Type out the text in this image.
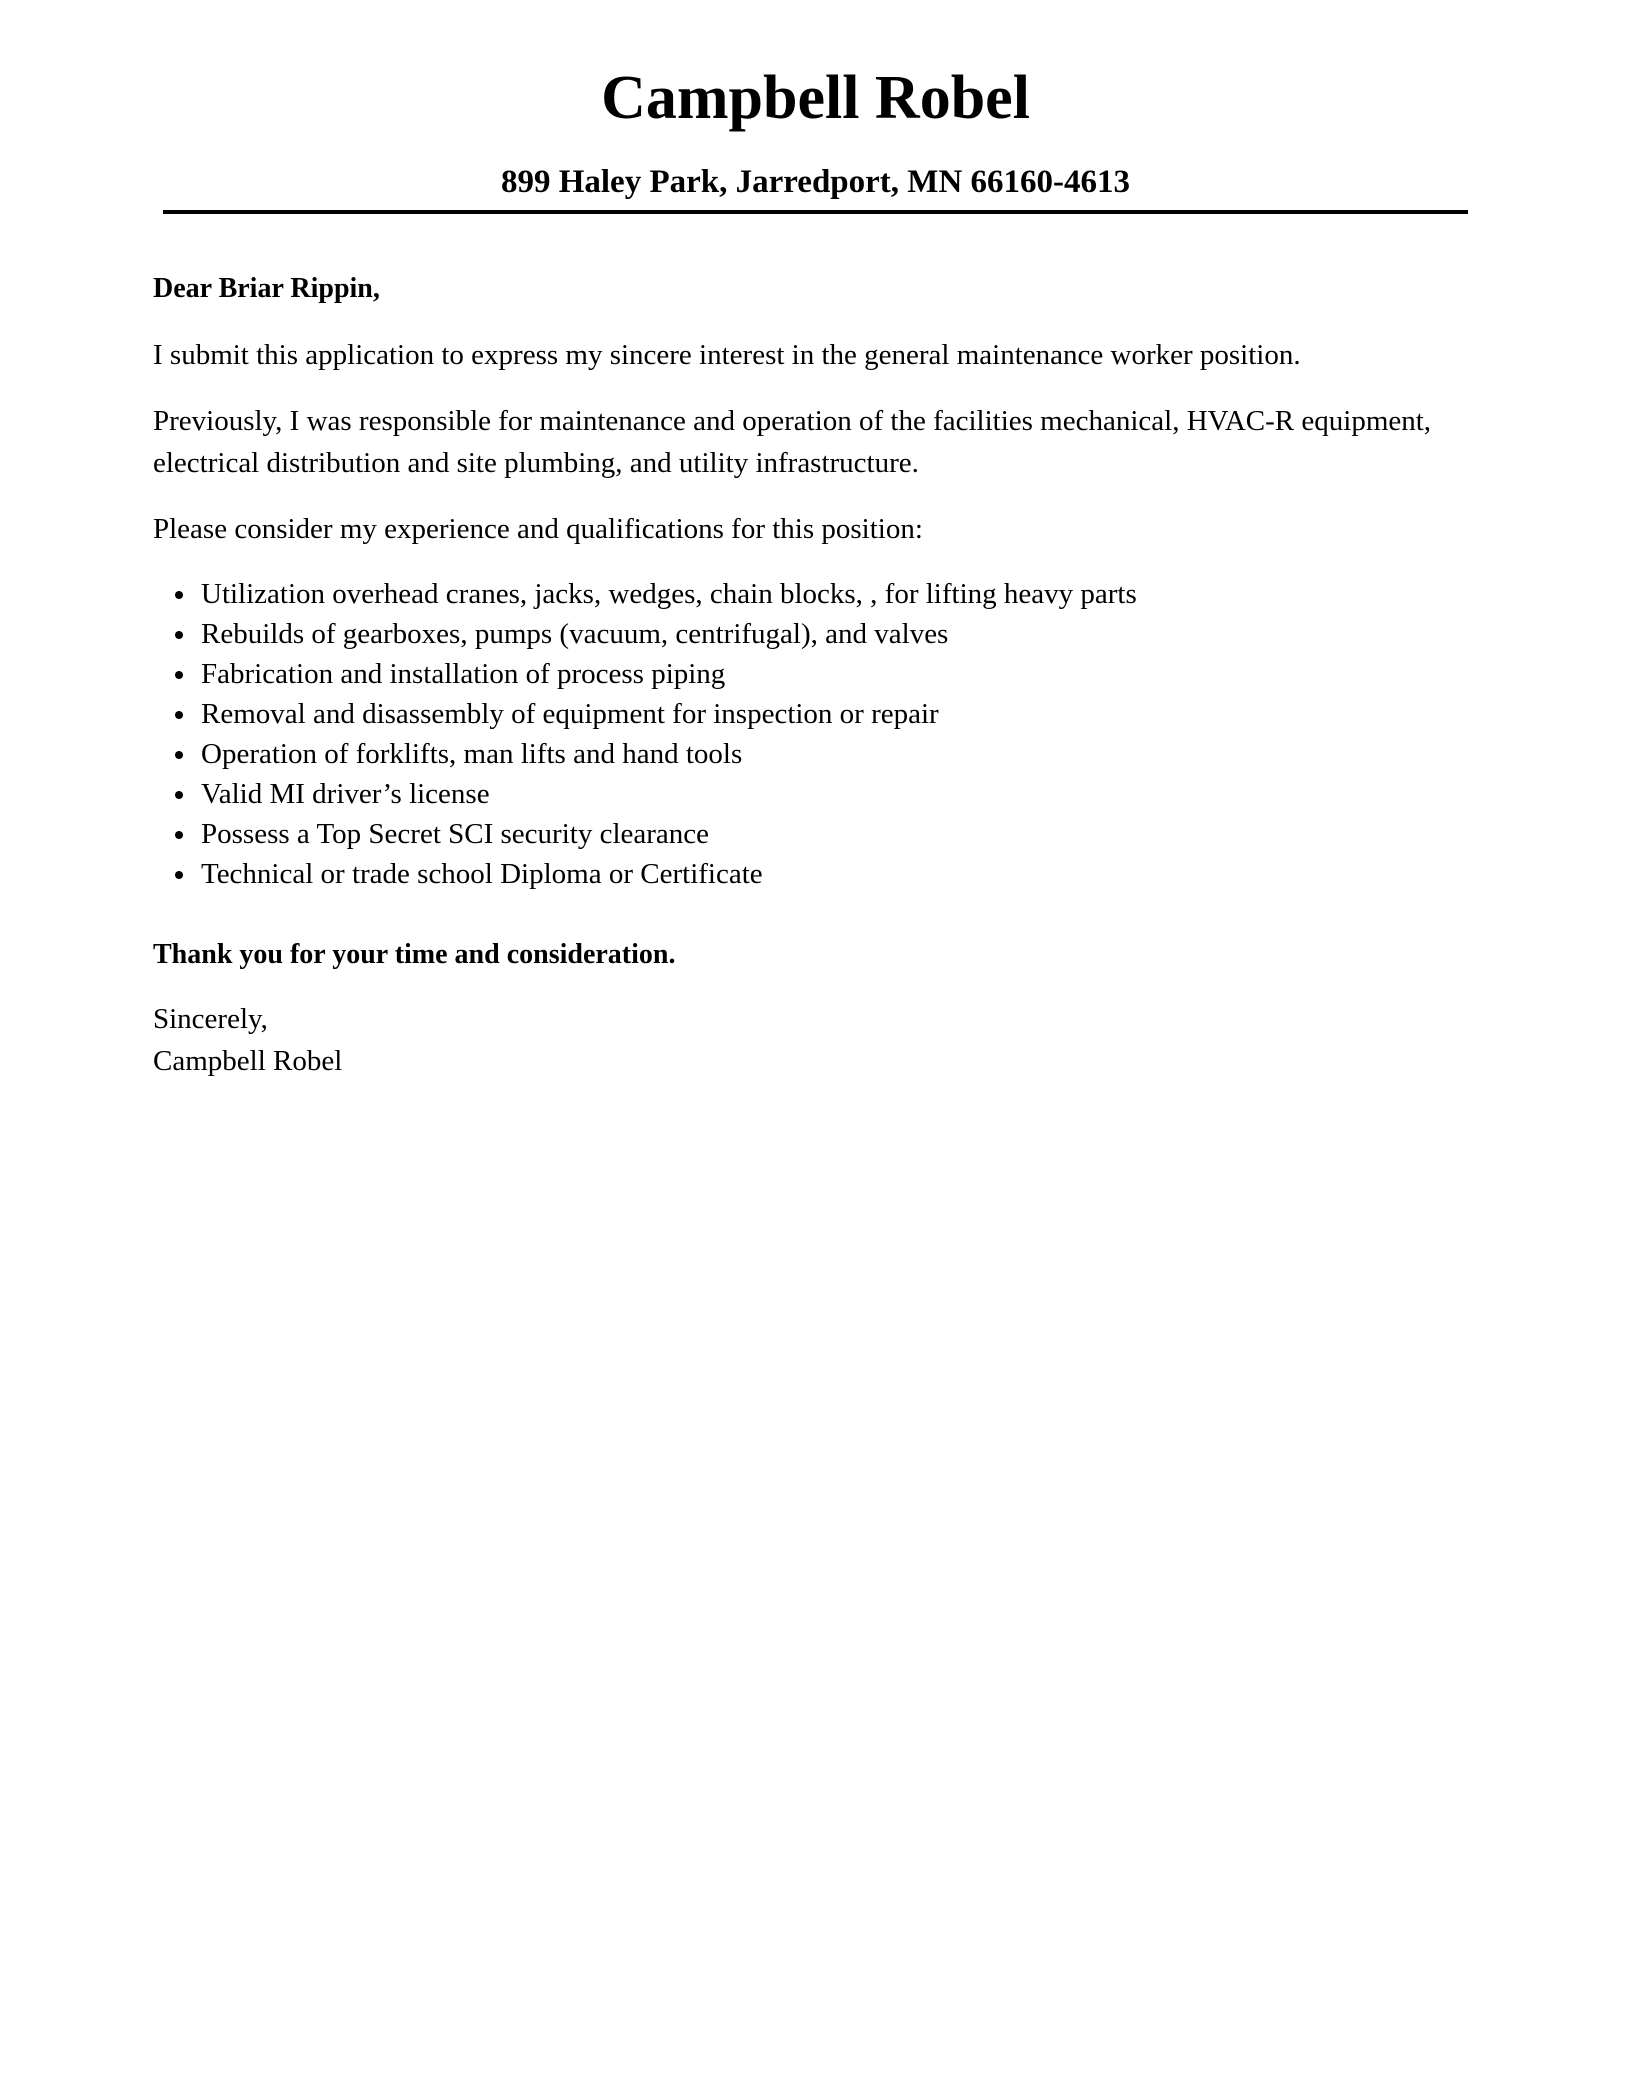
Campbell Robel
899 Haley Park, Jarredport, MN 66160-4613

Dear Briar Rippin,

I submit this application to express my sincere interest in the general maintenance worker position.

Previously, I was responsible for maintenance and operation of the facilities mechanical, HVAC-R equipment, electrical distribution and site plumbing, and utility infrastructure.

Please consider my experience and qualifications for this position:

Utilization overhead cranes, jacks, wedges, chain blocks, , for lifting heavy parts
Rebuilds of gearboxes, pumps (vacuum, centrifugal), and valves
Fabrication and installation of process piping
Removal and disassembly of equipment for inspection or repair
Operation of forklifts, man lifts and hand tools
Valid MI driver’s license
Possess a Top Secret SCI security clearance
Technical or trade school Diploma or Certificate

Thank you for your time and consideration.

Sincerely,

Campbell Robel
